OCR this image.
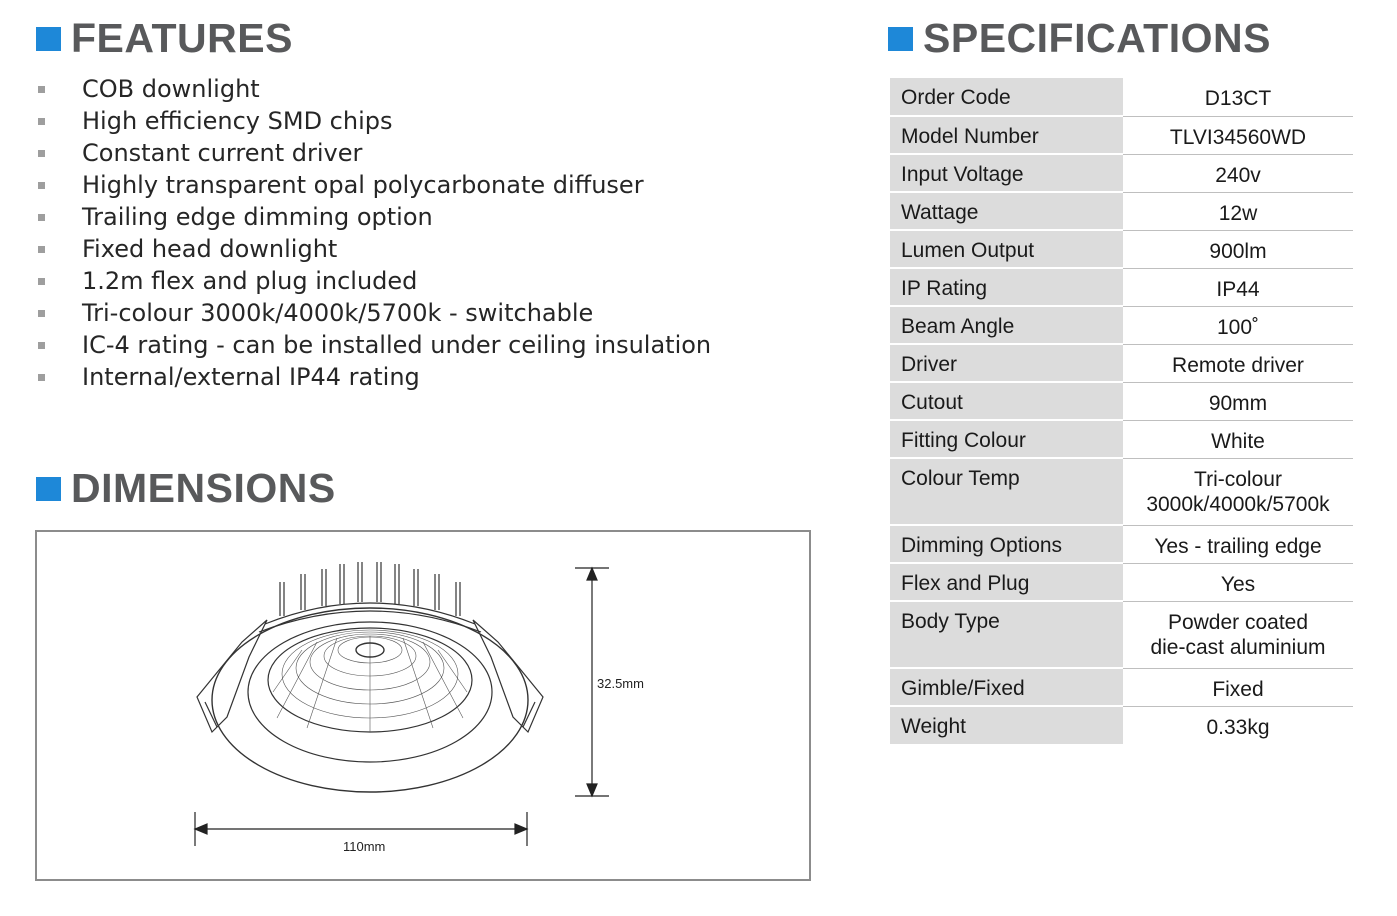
FEATURES
COB downlight
High efficiency SMD chips
Constant current driver
Highly transparent opal polycarbonate diffuser
Trailing edge dimming option
Fixed head downlight
1.2m flex and plug included
Tri-colour 3000k/4000k/5700k - switchable
IC-4 rating - can be installed under ceiling insulation
Internal/external IP44 rating
DIMENSIONS
32.5mm
110mm
SPECIFICATIONS
Order Code	D13CT

Model Number	TLVI34560WD

Input Voltage	240v

Wattage	12w

Lumen Output	900lm

IP Rating	IP44

Beam Angle	100˚

Driver	Remote driver

Cutout	90mm

Fitting Colour	White

Colour Temp	Tri-colour
3000k/4000k/5700k

Dimming Options	Yes - trailing edge

Flex and Plug	Yes

Body Type	Powder coated
die-cast aluminium

Gimble/Fixed	Fixed

Weight	0.33kg
